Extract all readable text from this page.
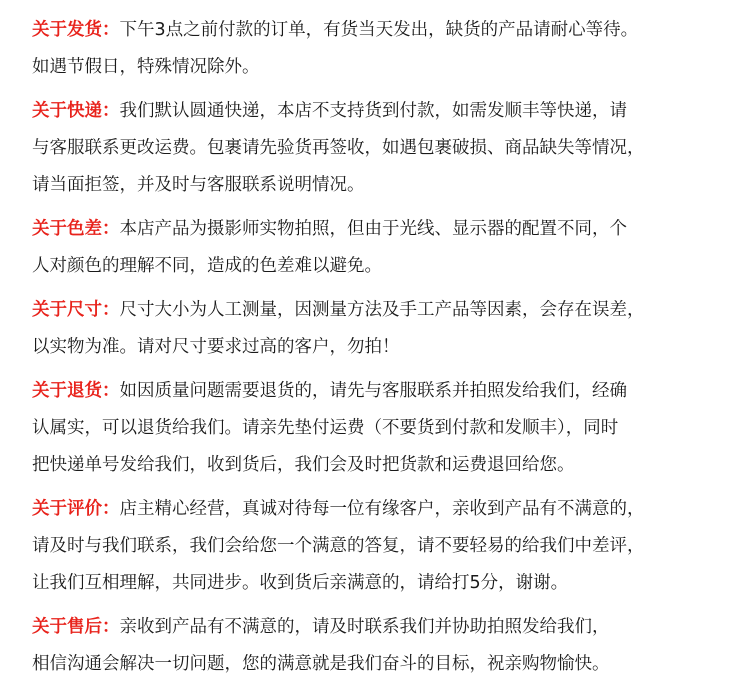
关于发货：下午3点之前付款的订单，有货当天发出，缺货的产品请耐心等待。
如遇节假日，特殊情况除外。
关于快递：我们默认圆通快递，本店不支持货到付款，如需发顺丰等快递，请
与客服联系更改运费。包裹请先验货再签收，如遇包裹破损、商品缺失等情况，
请当面拒签，并及时与客服联系说明情况。
关于色差：本店产品为摄影师实物拍照，但由于光线、显示器的配置不同，个
人对颜色的理解不同，造成的色差难以避免。
关于尺寸：尺寸大小为人工测量，因测量方法及手工产品等因素，会存在误差，
以实物为准。请对尺寸要求过高的客户，勿拍！
关于退货：如因质量问题需要退货的，请先与客服联系并拍照发给我们，经确
认属实，可以退货给我们。请亲先垫付运费（不要货到付款和发顺丰），同时
把快递单号发给我们，收到货后，我们会及时把货款和运费退回给您。
关于评价：店主精心经营，真诚对待每一位有缘客户，亲收到产品有不满意的，
请及时与我们联系，我们会给您一个满意的答复，请不要轻易的给我们中差评，
让我们互相理解，共同进步。收到货后亲满意的，请给打5分，谢谢。
关于售后：亲收到产品有不满意的，请及时联系我们并协助拍照发给我们，
相信沟通会解决一切问题，您的满意就是我们奋斗的目标，祝亲购物愉快。
